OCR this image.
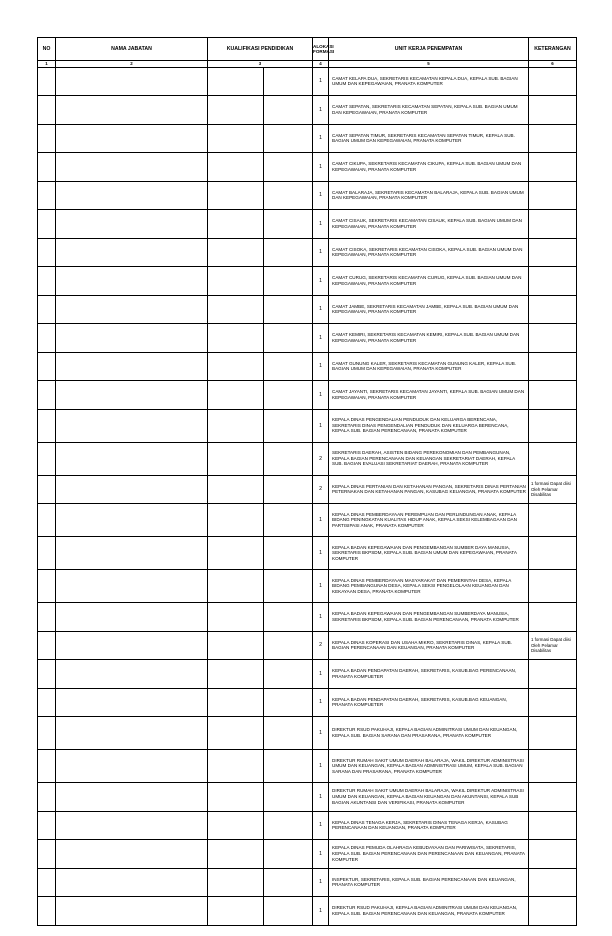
NO	NAMA JABATAN	KUALIFIKASI PENDIDIKAN		ALOKASI FORMASI	UNIT KERJA PENEMPATAN	KETERANGAN
1	2	3		4	5	6
				1	CAMAT KELAPA DUA, SEKRETARIS KECAMATAN KEPALA DUA, KEPALA SUB. BAGIAN UMUM DAN KEPEGAWAIAN, PRANATA KOMPUTER	
				1	CAMAT SEPATAN, SEKRETARIS KECAMATAN SEPATAN, KEPALA SUB. BAGIAN UMUM DAN KEPEGAWAIAN, PRANATA KOMPUTER	
				1	CAMAT SEPATAN TIMUR, SEKRETARIS KECAMATAN SEPATAN TIMUR, KEPALA SUB. BAGIAN UMUM DAN KEPEGAWAIAN, PRANATA KOMPUTER	
				1	CAMAT CIKUPA, SEKRETARIS KECAMATAN CIKUPA, KEPALA SUB. BAGIAN UMUM DAN KEPEGAWAIAN, PRANATA KOMPUTER	
				1	CAMAT BALARAJA, SEKRETARIS KECAMATAN BALARAJA, KEPALA SUB. BAGIAN UMUM DAN KEPEGAWAIAN, PRANATA KOMPUTER	
				1	CAMAT CISAUK, SEKRETARIS KECAMATAN CISAUK, KEPALA SUB. BAGIAN UMUM DAN KEPEGAWAIAN, PRANATA KOMPUTER	
				1	CAMAT CISOKA, SEKRETARIS KECAMATAN CISOKA, KEPALA SUB. BAGIAN UMUM DAN KEPEGAWAIAN, PRANATA KOMPUTER	
				1	CAMAT CURUG, SEKRETARIS KECAMATAN CURUG, KEPALA SUB. BAGIAN UMUM DAN KEPEGAWAIAN, PRANATA KOMPUTER	
				1	CAMAT JAMBE, SEKRETARIS KECAMATAN JAMBE, KEPALA SUB. BAGIAN UMUM DAN KEPEGAWAIAN, PRANATA KOMPUTER	
				1	CAMAT KEMIRI, SEKRETARIS KECAMATAN KEMIRI, KEPALA SUB. BAGIAN UMUM DAN KEPEGAWAIAN, PRANATA KOMPUTER	
				1	CAMAT GUNUNG KALER, SEKRETARIS KECAMATAN GUNUNG KALER, KEPALA SUB. BAGIAN UMUM DAN KEPEGAWAIAN, PRANATA KOMPUTER	
				1	CAMAT JAYANTI, SEKRETARIS KECAMATAN JAYANTI, KEPALA SUB. BAGIAN UMUM DAN KEPEGAWAIAN, PRANATA KOMPUTER	
				1	KEPALA DINAS PENGENDALIAN PENDUDUK DAN KELUARGA BERENCANA, SEKRETARIS DINAS PENGENDALIAN PENDUDUK DAN KELUARGA BERENCANA, KEPALA SUB. BAGIAN PERENCANAAN, PRANATA KOMPUTER	
				2	SEKRETARIS DAERAH, ASISTEN BIDANG PEREKONOMIAN DAN PEMBANGUNAN, KEPALA BAGIAN PERENCANAAN DAN KEUANGAN SEKRETARIAT DAERAH, KEPALA SUB. BAGIAN EVALUASI SEKRETARIAT DAERAH, PRANATA KOMPUTER	
				2	KEPALA DINAS PERTANIAN DAN KETAHANAN PANGAN, SEKRETARIS DINAS PERTANIAN PETERNAKAN DAN KETAHANAN PANGAN, KASUBAG KEUANGAN, PRANATA KOMPUTER	1 formasi Dapat diisi Oleh Pelamar Disabilitas
				1	KEPALA DINAS PEMBERDAYAAN PEREMPUAN DAN PERLINDUNGAN ANAK, KEPALA BIDANG PENINGKATAN KUALITAS HIDUP ANAK, KEPALA SEKSI KELEMBAGAAN DAN PARTISIPASI ANAK, PRANATA KOMPUTER	
				1	KEPALA BADAN KEPEGAWAIAN DAN PENGEMBANGAN SUMBER DAYA MANUSIA, SEKRETARIS BKPSDM, KEPALA SUB. BAGIAN UMUM DAN KEPEGAWAIAN, PRANATA KOMPUTER	
				1	KEPALA DINAS PEMBERDAYAAN MASYARAKAT DAN PEMERINTAH DESA, KEPALA BIDANG PEMBANGUNAN DESA, KEPALA SEKSI PENGELOLAAN KEUANGAN DAN KEKAYAAN DESA, PRANATA KOMPUTER	
				1	KEPALA BADAN KEPEGAWAIAN DAN PENGEMBANGAN SUMBERDAYA MANUSIA, SEKRETARIS BKPSDM, KEPALA SUB. BAGIAN PERENCANAAN, PRANATA KOMPUTER	
				2	KEPALA DINAS KOPERASI DAN USAHA MIKRO, SEKRETARIS DINAS, KEPALA SUB. BAGIAN PERENCANAAN DAN KEUANGAN, PRANATA KOMPUTER	1 formasi Dapat diisi Oleh Pelamar Disabilitas
				1	KEPALA BADAN PENDAPATAN DAERAH, SEKRETARIS, KASUB.BAG PERENCANAAN, PRANATA KOMPUETER	
				1	KEPALA BADAN PENDAPATAN DAERAH, SEKRETARIS, KASUB.BAG KEUANGAN, PRANATA KOMPUETER	
				1	DIREKTUR RSUD PAKUHAJI, KEPALA BAGIAN ADMINITRASI UMUM DAN KEUANGAN, KEPALA SUB. BAGIAN SARANA DAN PRASARANA, PRANATA KOMPUTER	
				1	DIREKTUR RUMAH SAKIT UMUM DAERAH BALARAJA, WAKIL DIREKTUR ADMINISTRASI UMUM DAN KEUANGAN, KEPALA BAGIAN ADMINISTRASI UMUM, KEPALA SUB. BAGIAN SARANA DAN PRASARANA, PRANATA KOMPUTER	
				1	DIREKTUR RUMAH SAKIT UMUM DAERAH BALARAJA, WAKIL DIREKTUR ADMINISTRASI UMUM DAN KEUANGAN, KEPALA BAGIAN KEUANGAN DAN AKUNTANSI, KEPALA SUB BAGIAN AKUNTANSI DAN VERIFIKASI, PRANATA KOMPUTER	
				1	KEPALA DINAS TENAGA KERJA, SEKRETARIS DINAS TENAGA KERJA, KASUBAG PERENCANAAN DAN KEUANGAN, PRANATA KOMPUTER	
				1	KEPALA DINAS PEMUDA OLAHRAGA KEBUDAYAAN DAN PARIWISATA, SEKRETARIS, KEPALA SUB. BAGIAN PERENCANAAN DAN PERENCANAAN DAN KEUANGAN, PRANATA KOMPUTER	
				1	INSPEKTUR, SEKRETARIS, KEPALA SUB. BAGIAN PERENCANAAN DAN KEUANGAN, PRANATA KOMPUTER	
				1	DIREKTUR RSUD PAKUHAJI, KEPALA BAGIAN ADMINITRASI UMUM DAN KEUANGAN, KEPALA SUB. BAGIAN PERENCANAAN DAN KEUANGAN, PRANATA KOMPUTER	
